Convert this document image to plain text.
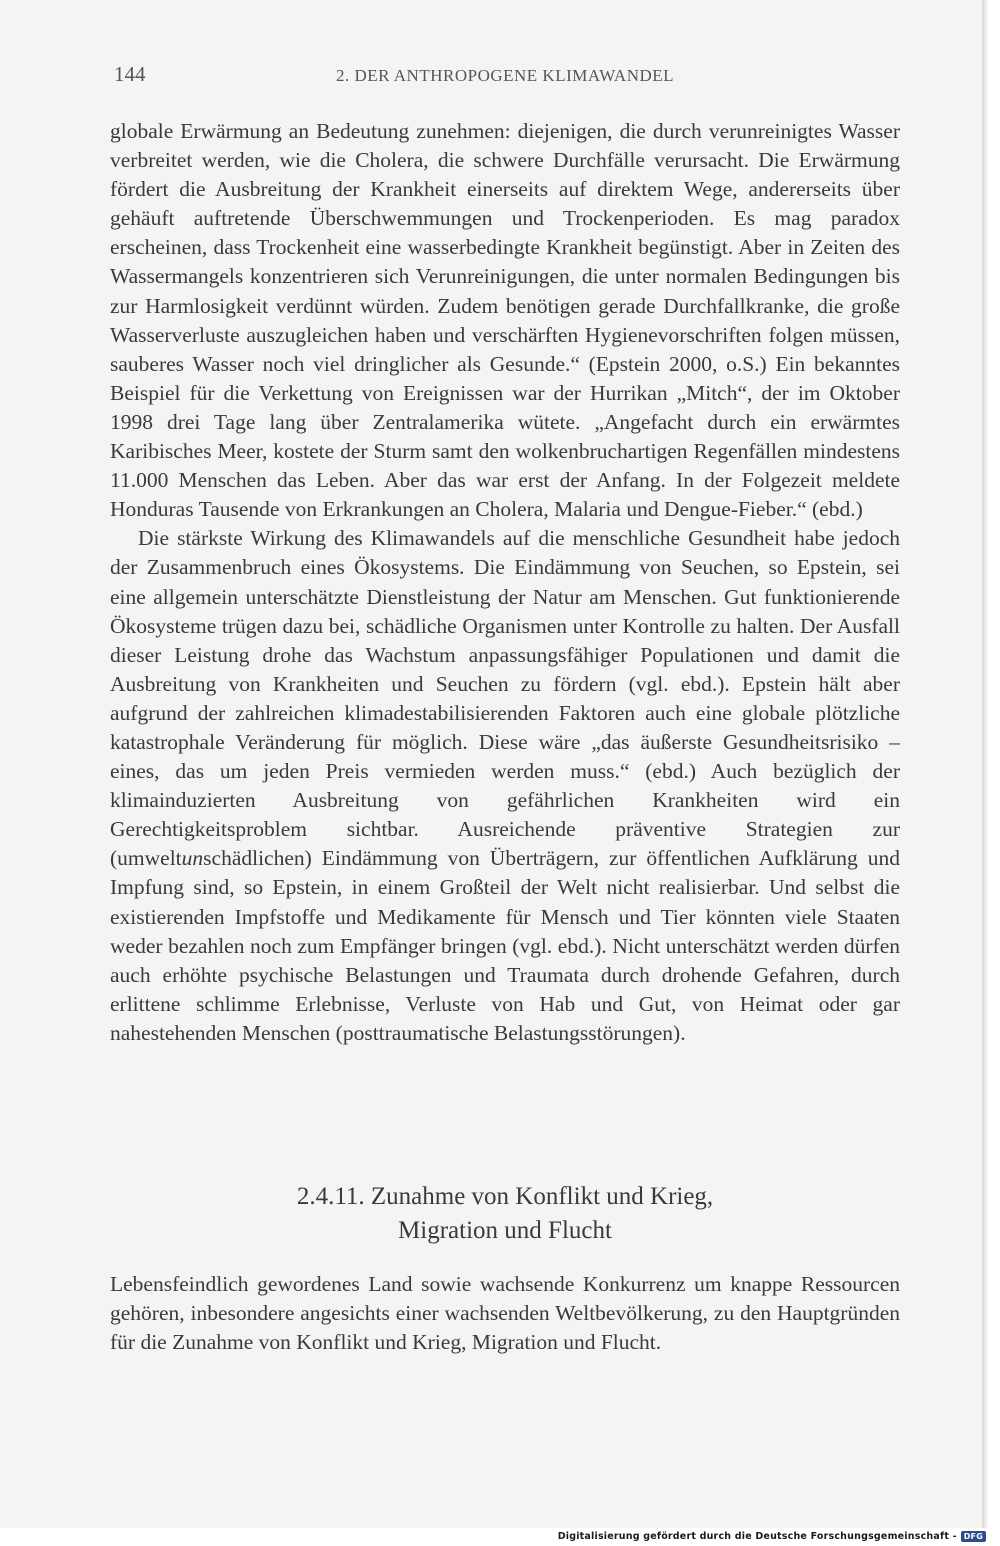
144	2. DER ANTHROPOGENE KLIMAWANDEL

globale Erwärmung an Bedeutung zunehmen: diejenigen, die durch verunreinigtes Wasser verbreitet werden, wie die Cholera, die schwere Durchfälle verursacht. Die Erwärmung fördert die Ausbreitung der Krankheit einerseits auf direktem Wege, andererseits über gehäuft auftretende Überschwemmungen und Trockenperioden. Es mag paradox erscheinen, dass Trockenheit eine wasserbedingte Krankheit begünstigt. Aber in Zeiten des Wassermangels konzentrieren sich Verunreinigungen, die unter normalen Bedingungen bis zur Harmlosigkeit verdünnt würden. Zudem benötigen gerade Durchfallkranke, die große Wasserverluste auszugleichen haben und verschärften Hygienevorschriften folgen müssen, sauberes Wasser noch viel dringlicher als Gesunde.“ (Epstein 2000, o.S.) Ein bekanntes Beispiel für die Verkettung von Ereignissen war der Hurrikan „Mitch“, der im Oktober 1998 drei Tage lang über Zentralamerika wütete. „Angefacht durch ein erwärmtes Karibisches Meer, kostete der Sturm samt den wolkenbruchartigen Regenfällen mindestens 11.000 Menschen das Leben. Aber das war erst der Anfang. In der Folgezeit meldete Honduras Tausende von Erkrankungen an Cholera, Malaria und Dengue-Fieber.“ (ebd.)

Die stärkste Wirkung des Klimawandels auf die menschliche Gesundheit habe jedoch der Zusammenbruch eines Ökosystems. Die Eindämmung von Seuchen, so Epstein, sei eine allgemein unterschätzte Dienstleistung der Natur am Menschen. Gut funktionierende Ökosysteme trügen dazu bei, schädliche Organismen unter Kontrolle zu halten. Der Ausfall dieser Leistung drohe das Wachstum anpassungsfähiger Populationen und damit die Ausbreitung von Krankheiten und Seuchen zu fördern (vgl. ebd.). Epstein hält aber aufgrund der zahlreichen klimadestabilisierenden Faktoren auch eine globale plötzliche katastrophale Veränderung für möglich. Diese wäre „das äußerste Gesundheitsrisiko – eines, das um jeden Preis vermieden werden muss.“ (ebd.) Auch bezüglich der klimainduzierten Ausbreitung von gefährlichen Krankheiten wird ein Gerechtigkeitsproblem sichtbar. Ausreichende präventive Strategien zur (umweltunschädlichen) Eindämmung von Überträgern, zur öffentlichen Aufklärung und Impfung sind, so Epstein, in einem Großteil der Welt nicht realisierbar. Und selbst die existierenden Impfstoffe und Medikamente für Mensch und Tier könnten viele Staaten weder bezahlen noch zum Empfänger bringen (vgl. ebd.). Nicht unterschätzt werden dürfen auch erhöhte psychische Belastungen und Traumata durch drohende Gefahren, durch erlittene schlimme Erlebnisse, Verluste von Hab und Gut, von Heimat oder gar nahestehenden Menschen (posttraumatische Belastungsstörungen).

2.4.11. Zunahme von Konflikt und Krieg,
Migration und Flucht

Lebensfeindlich gewordenes Land sowie wachsende Konkurrenz um knappe Ressourcen gehören, inbesondere angesichts einer wachsenden Weltbevölkerung, zu den Hauptgründen für die Zunahme von Konflikt und Krieg, Migration und Flucht.

Digitalisierung gefördert durch die Deutsche Forschungsgemeinschaft - DFG
